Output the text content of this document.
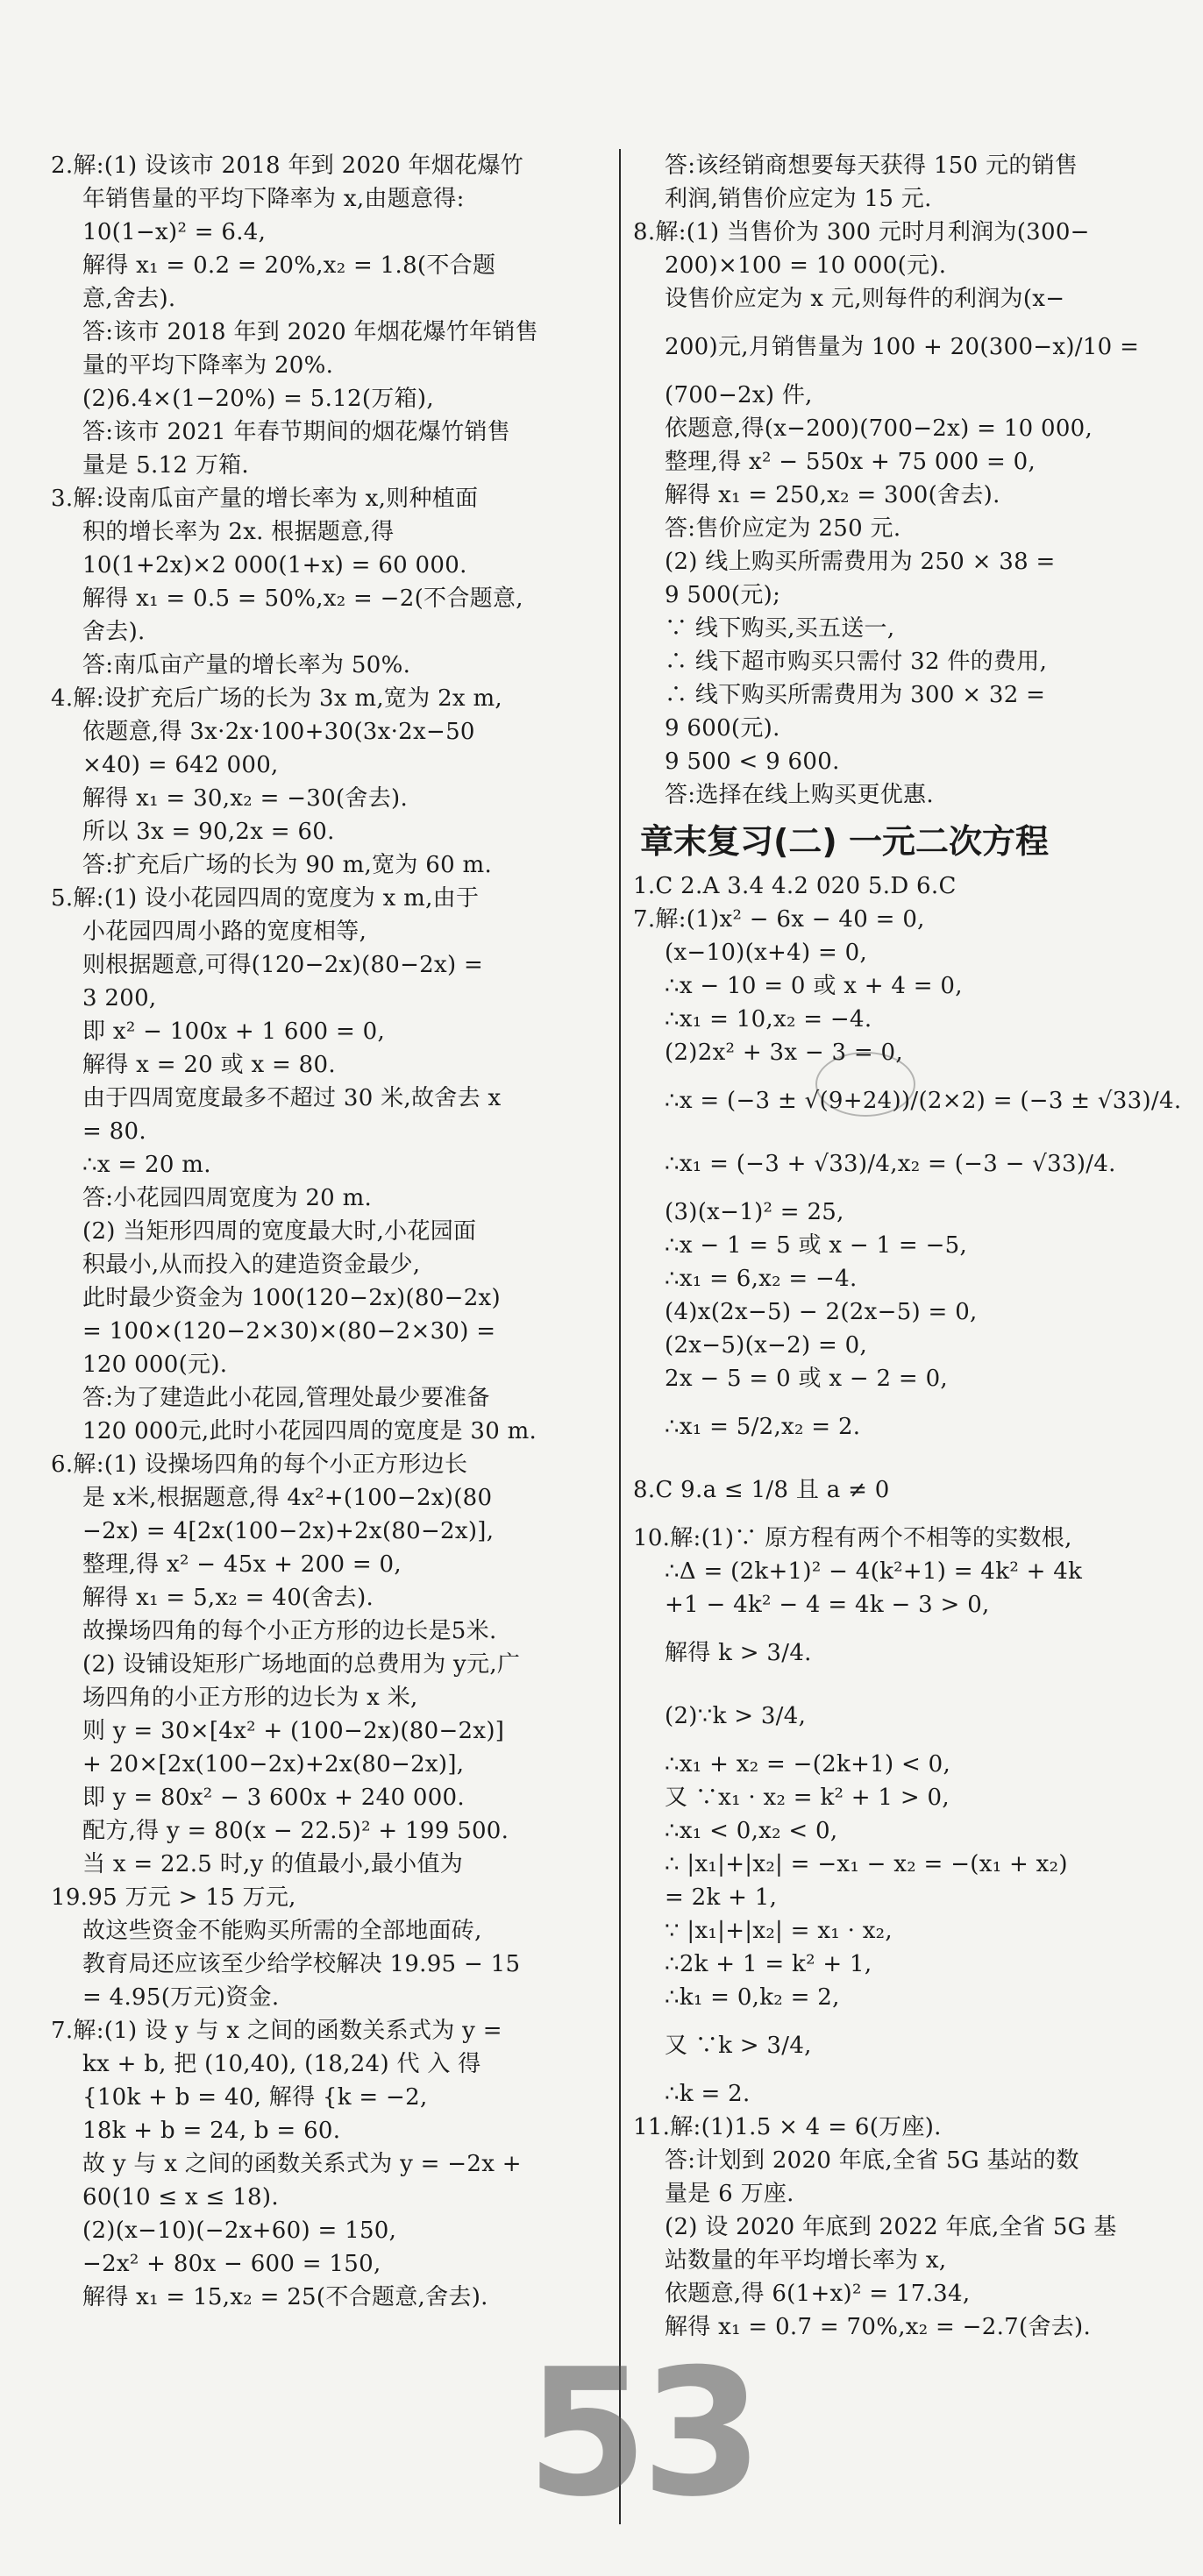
2.解:(1) 设该市 2018 年到 2020 年烟花爆竹
年销售量的平均下降率为 x,由题意得:
10(1−x)² = 6.4,
解得 x₁ = 0.2 = 20%,x₂ = 1.8(不合题
意,舍去).
答:该市 2018 年到 2020 年烟花爆竹年销售
量的平均下降率为 20%.
(2)6.4×(1−20%) = 5.12(万箱),
答:该市 2021 年春节期间的烟花爆竹销售
量是 5.12 万箱.
3.解:设南瓜亩产量的增长率为 x,则种植面
积的增长率为 2x. 根据题意,得
10(1+2x)×2 000(1+x) = 60 000.
解得 x₁ = 0.5 = 50%,x₂ = −2(不合题意,
舍去).
答:南瓜亩产量的增长率为 50%.
4.解:设扩充后广场的长为 3x m,宽为 2x m,
依题意,得 3x·2x·100+30(3x·2x−50
×40) = 642 000,
解得 x₁ = 30,x₂ = −30(舍去).
所以 3x = 90,2x = 60.
答:扩充后广场的长为 90 m,宽为 60 m.
5.解:(1) 设小花园四周的宽度为 x m,由于
小花园四周小路的宽度相等,
则根据题意,可得(120−2x)(80−2x) =
3 200,
即 x² − 100x + 1 600 = 0,
解得 x = 20 或 x = 80.
由于四周宽度最多不超过 30 米,故舍去 x
= 80.
∴x = 20 m.
答:小花园四周宽度为 20 m.
(2) 当矩形四周的宽度最大时,小花园面
积最小,从而投入的建造资金最少,
此时最少资金为 100(120−2x)(80−2x)
= 100×(120−2×30)×(80−2×30) =
120 000(元).
答:为了建造此小花园,管理处最少要准备
120 000元,此时小花园四周的宽度是 30 m.
6.解:(1) 设操场四角的每个小正方形边长
是 x米,根据题意,得 4x²+(100−2x)(80
−2x) = 4[2x(100−2x)+2x(80−2x)],
整理,得 x² − 45x + 200 = 0,
解得 x₁ = 5,x₂ = 40(舍去).
故操场四角的每个小正方形的边长是5米.
(2) 设铺设矩形广场地面的总费用为 y元,广
场四角的小正方形的边长为 x 米,
则 y = 30×[4x² + (100−2x)(80−2x)]
+ 20×[2x(100−2x)+2x(80−2x)],
即 y = 80x² − 3 600x + 240 000.
配方,得 y = 80(x − 22.5)² + 199 500.
当 x = 22.5 时,y 的值最小,最小值为
19.95 万元 > 15 万元,
故这些资金不能购买所需的全部地面砖,
教育局还应该至少给学校解决 19.95 − 15
= 4.95(万元)资金.
7.解:(1) 设 y 与 x 之间的函数关系式为 y =
kx + b, 把 (10,40), (18,24) 代 入 得
{10k + b = 40, 解得 {k = −2,
18k + b = 24, b = 60.
故 y 与 x 之间的函数关系式为 y = −2x +
60(10 ≤ x ≤ 18).
(2)(x−10)(−2x+60) = 150,
−2x² + 80x − 600 = 150,
解得 x₁ = 15,x₂ = 25(不合题意,舍去).
答:该经销商想要每天获得 150 元的销售
利润,销售价应定为 15 元.
8.解:(1) 当售价为 300 元时月利润为(300−
200)×100 = 10 000(元).
设售价应定为 x 元,则每件的利润为(x−
200)元,月销售量为 100 + 20(300−x)/10 =
(700−2x) 件,
依题意,得(x−200)(700−2x) = 10 000,
整理,得 x² − 550x + 75 000 = 0,
解得 x₁ = 250,x₂ = 300(舍去).
答:售价应定为 250 元.
(2) 线上购买所需费用为 250 × 38 =
9 500(元);
∵ 线下购买,买五送一,
∴ 线下超市购买只需付 32 件的费用,
∴ 线下购买所需费用为 300 × 32 =
9 600(元).
9 500 < 9 600.
答:选择在线上购买更优惠.
章末复习(二) 一元二次方程
1.C 2.A 3.4 4.2 020 5.D 6.C
7.解:(1)x² − 6x − 40 = 0,
(x−10)(x+4) = 0,
∴x − 10 = 0 或 x + 4 = 0,
∴x₁ = 10,x₂ = −4.
(2)2x² + 3x − 3 = 0,
∴x = (−3 ± √(9+24))/(2×2) = (−3 ± √33)/4.
∴x₁ = (−3 + √33)/4,x₂ = (−3 − √33)/4.
(3)(x−1)² = 25,
∴x − 1 = 5 或 x − 1 = −5,
∴x₁ = 6,x₂ = −4.
(4)x(2x−5) − 2(2x−5) = 0,
(2x−5)(x−2) = 0,
2x − 5 = 0 或 x − 2 = 0,
∴x₁ = 5/2,x₂ = 2.
8.C 9.a ≤ 1/8 且 a ≠ 0
10.解:(1)∵ 原方程有两个不相等的实数根,
∴Δ = (2k+1)² − 4(k²+1) = 4k² + 4k
+1 − 4k² − 4 = 4k − 3 > 0,
解得 k > 3/4.
(2)∵k > 3/4,
∴x₁ + x₂ = −(2k+1) < 0,
又 ∵x₁ · x₂ = k² + 1 > 0,
∴x₁ < 0,x₂ < 0,
∴ |x₁|+|x₂| = −x₁ − x₂ = −(x₁ + x₂)
= 2k + 1,
∵ |x₁|+|x₂| = x₁ · x₂,
∴2k + 1 = k² + 1,
∴k₁ = 0,k₂ = 2,
又 ∵k > 3/4,
∴k = 2.
11.解:(1)1.5 × 4 = 6(万座).
答:计划到 2020 年底,全省 5G 基站的数
量是 6 万座.
(2) 设 2020 年底到 2022 年底,全省 5G 基
站数量的年平均增长率为 x,
依题意,得 6(1+x)² = 17.34,
解得 x₁ = 0.7 = 70%,x₂ = −2.7(舍去).
53
